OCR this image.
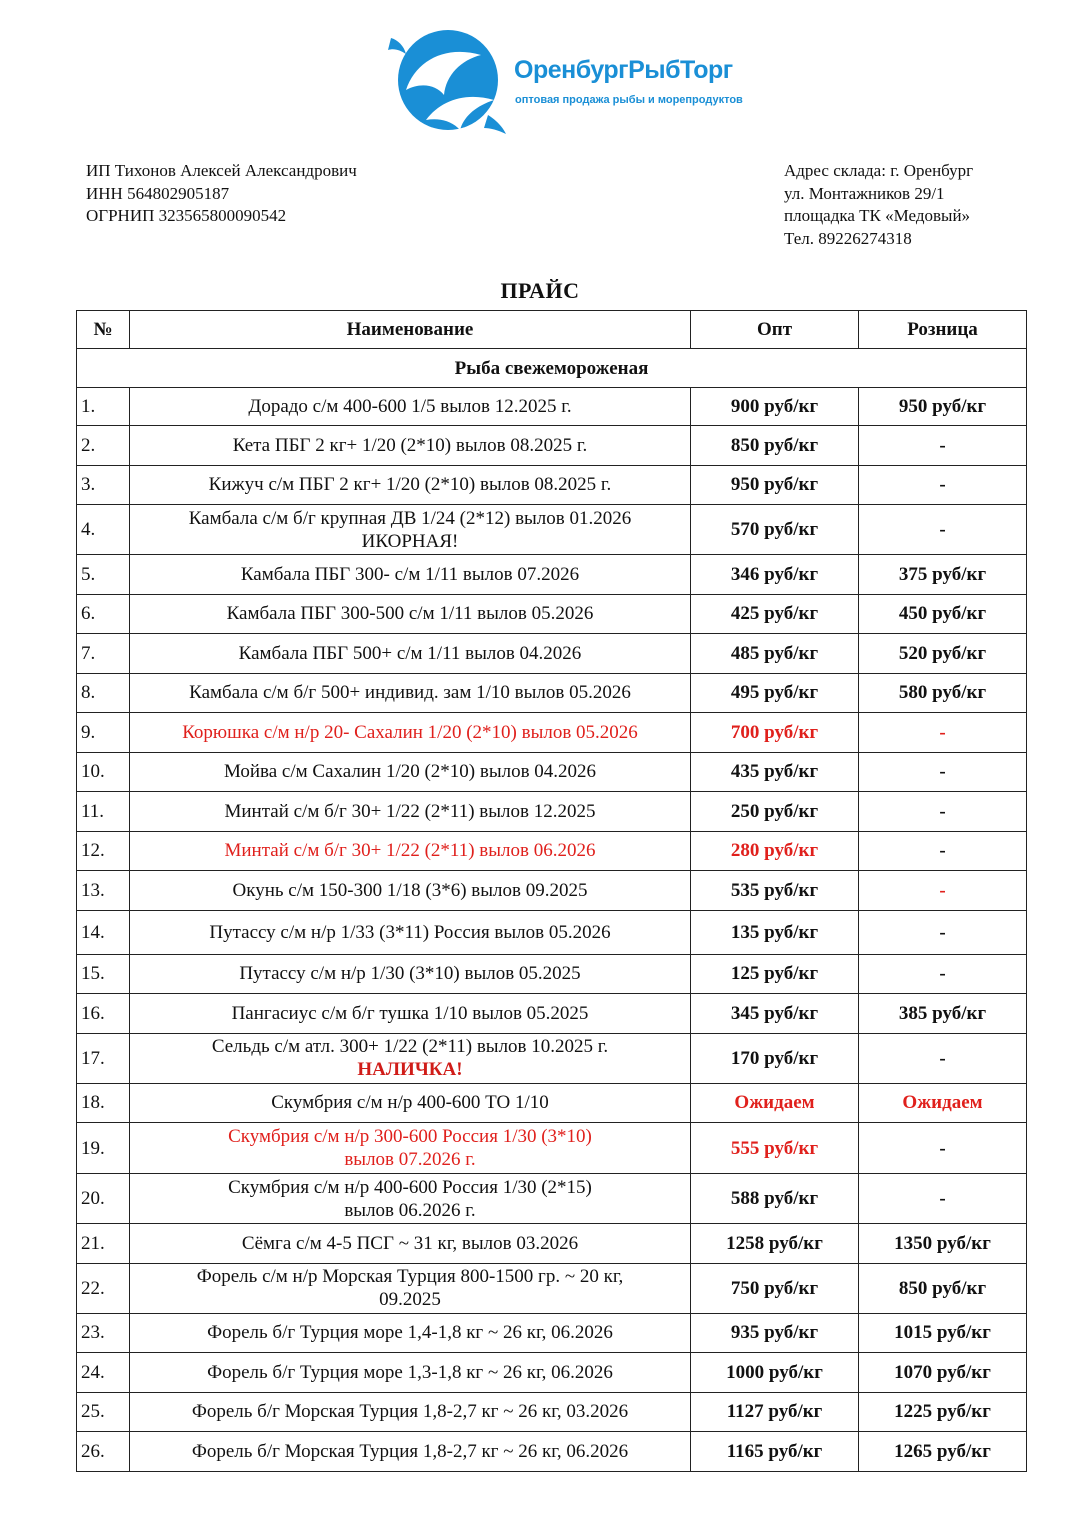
ОренбургРыбТорг
оптовая продажа рыбы и морепродуктов
ИП Тихонов Алексей Александрович
ИНН 564802905187
ОГРНИП 323565800090542
Адрес склада: г. Оренбург
ул. Монтажников 29/1
площадка ТК «Медовый»
Тел. 89226274318
ПРАЙС
№	Наименование	Опт	Розница
Рыба свежемороженая			
1.	Дорадо с/м 400-600 1/5 вылов 12.2025 г.	900 руб/кг	950 руб/кг
2.	Кета ПБГ 2 кг+ 1/20 (2*10) вылов 08.2025 г.	850 руб/кг	-
3.	Кижуч с/м ПБГ 2 кг+ 1/20 (2*10) вылов 08.2025 г.	950 руб/кг	-
4.	Камбала с/м б/г крупная ДВ 1/24 (2*12) вылов 01.2026
ИКОРНАЯ!	570 руб/кг	-
5.	Камбала ПБГ 300- с/м 1/11 вылов 07.2026	346 руб/кг	375 руб/кг
6.	Камбала ПБГ 300-500 с/м 1/11 вылов 05.2026	425 руб/кг	450 руб/кг
7.	Камбала ПБГ 500+ с/м 1/11 вылов 04.2026	485 руб/кг	520 руб/кг
8.	Камбала с/м б/г 500+ индивид. зам 1/10 вылов 05.2026	495 руб/кг	580 руб/кг
9.	Корюшка с/м н/р 20- Сахалин 1/20 (2*10) вылов 05.2026	700 руб/кг	-
10.	Мойва с/м Сахалин 1/20 (2*10) вылов 04.2026	435 руб/кг	-
11.	Минтай с/м б/г 30+ 1/22 (2*11) вылов 12.2025	250 руб/кг	-
12.	Минтай с/м б/г 30+ 1/22 (2*11) вылов 06.2026	280 руб/кг	-
13.	Окунь с/м 150-300 1/18 (3*6) вылов 09.2025	535 руб/кг	-
14.	Путассу с/м н/р 1/33 (3*11) Россия вылов 05.2026	135 руб/кг	-
15.	Путассу с/м н/р 1/30 (3*10) вылов 05.2025	125 руб/кг	-
16.	Пангасиус с/м б/г тушка 1/10 вылов 05.2025	345 руб/кг	385 руб/кг
17.	Сельдь с/м атл. 300+ 1/22 (2*11) вылов 10.2025 г.
НАЛИЧКА!	170 руб/кг	-
18.	Скумбрия с/м н/р 400-600 ТО 1/10	Ожидаем	Ожидаем
19.	Скумбрия с/м н/р 300-600 Россия 1/30 (3*10)
вылов 07.2026 г.	555 руб/кг	-
20.	Скумбрия с/м н/р 400-600 Россия 1/30 (2*15)
вылов 06.2026 г.	588 руб/кг	-
21.	Сёмга с/м 4-5 ПСГ ~ 31 кг, вылов 03.2026	1258 руб/кг	1350 руб/кг
22.	Форель с/м н/р Морская Турция 800-1500 гр. ~ 20 кг,
09.2025	750 руб/кг	850 руб/кг
23.	Форель б/г Турция море 1,4-1,8 кг ~ 26 кг, 06.2026	935 руб/кг	1015 руб/кг
24.	Форель б/г Турция море 1,3-1,8 кг ~ 26 кг, 06.2026	1000 руб/кг	1070 руб/кг
25.	Форель б/г Морская Турция 1,8-2,7 кг ~ 26 кг, 03.2026	1127 руб/кг	1225 руб/кг
26.	Форель б/г Морская Турция 1,8-2,7 кг ~ 26 кг, 06.2026	1165 руб/кг	1265 руб/кг
